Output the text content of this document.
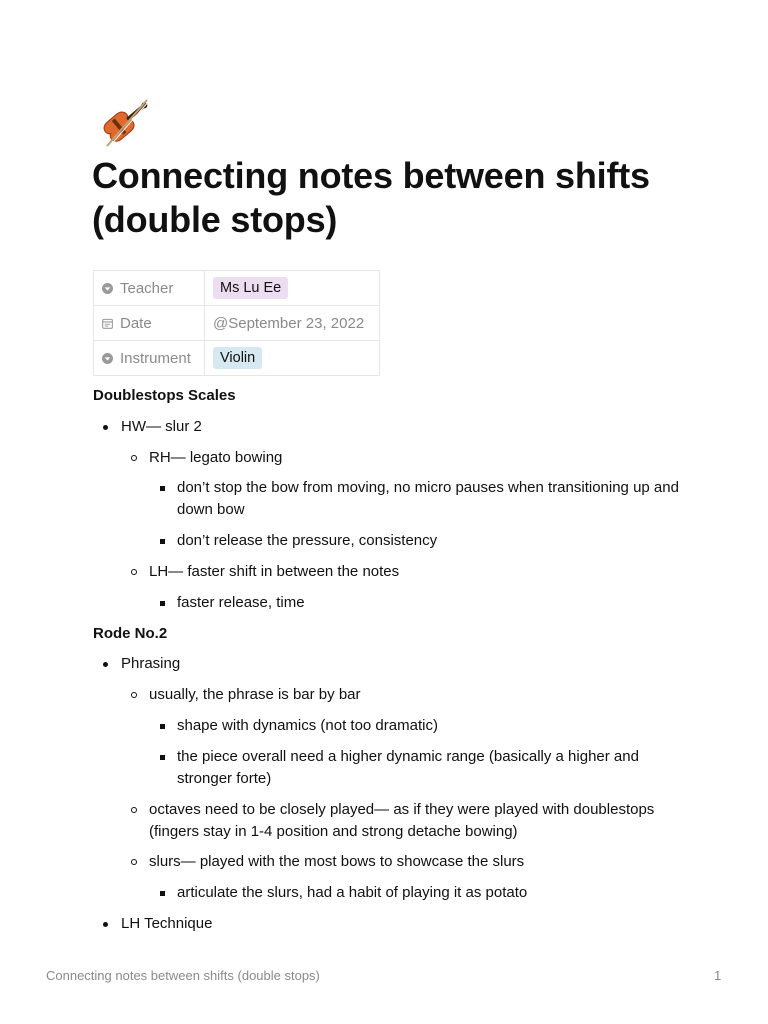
Connecting notes between shifts (double stops)
Teacher	Ms Lu Ee
Date	@September 23, 2022
Instrument	Violin

Doublestops Scales

HW— slur 2
RH— legato bowing
don’t stop the bow from moving, no micro pauses when transitioning up and down bow
don’t release the pressure, consistency
LH— faster shift in between the notes
faster release, time

Rode No.2

Phrasing
usually, the phrase is bar by bar
shape with dynamics (not too dramatic)
the piece overall need a higher dynamic range (basically a higher and stronger forte)
octaves need to be closely played— as if they were played with doublestops (fingers stay in 1-4 position and strong detache bowing)
slurs— played with the most bows to showcase the slurs
articulate the slurs, had a habit of playing it as potato
LH Technique
Connecting notes between shifts (double stops)	1
